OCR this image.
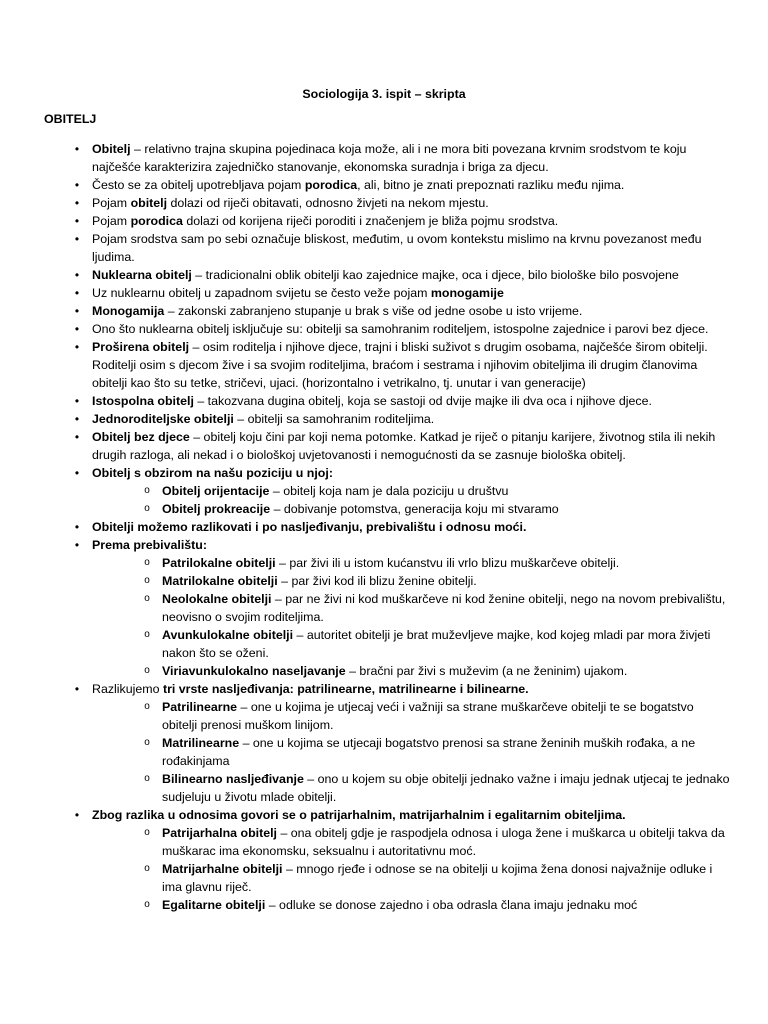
Sociologija 3. ispit – skripta
OBITELJ
•	Obitelj – relativno trajna skupina pojedinaca koja može, ali i ne mora biti povezana krvnim srodstvom te koju najčešće karakterizira zajedničko stanovanje, ekonomska suradnja i briga za djecu.
•	Često se za obitelj upotrebljava pojam porodica, ali, bitno je znati prepoznati razliku među njima.
•	Pojam obitelj dolazi od riječi obitavati, odnosno živjeti na nekom mjestu.
•	Pojam porodica dolazi od korijena riječi poroditi i značenjem je bliža pojmu srodstva.
•	Pojam srodstva sam po sebi označuje bliskost, međutim, u ovom kontekstu mislimo na krvnu povezanost među ljudima.
•	Nuklearna obitelj – tradicionalni oblik obitelji kao zajednice majke, oca i djece, bilo biološke bilo posvojene
•	Uz nuklearnu obitelj u zapadnom svijetu se često veže pojam monogamije
•	Monogamija – zakonski zabranjeno stupanje u brak s više od jedne osobe u isto vrijeme.
•	Ono što nuklearna obitelj isključuje su: obitelji sa samohranim roditeljem, istospolne zajednice i parovi bez djece.
•	Proširena obitelj – osim roditelja i njihove djece, trajni i bliski suživot s drugim osobama, najčešće širom obitelji. Roditelji osim s djecom žive i sa svojim roditeljima, braćom i sestrama i njihovim obiteljima ili drugim članovima obitelji kao što su tetke, stričevi, ujaci. (horizontalno i vetrikalno, tj. unutar i van generacije)
•	Istospolna obitelj – takozvana dugina obitelj, koja se sastoji od dvije majke ili dva oca i njihove djece.
•	Jednoroditeljske obitelji – obitelji sa samohranim roditeljima.
•	Obitelj bez djece – obitelj koju čini par koji nema potomke. Katkad je riječ o pitanju karijere, životnog stila ili nekih drugih razloga, ali nekad i o biološkoj uvjetovanosti i nemogućnosti da se zasnuje biološka obitelj.
•	Obitelj s obzirom na našu poziciju u njoj:
o Obitelj orijentacije – obitelj koja nam je dala poziciju u društvu
o Obitelj prokreacije – dobivanje potomstva, generacija koju mi stvaramo
•	Obitelji možemo razlikovati i po nasljeđivanju, prebivalištu i odnosu moći.
•	Prema prebivalištu:
o Patrilokalne obitelji – par živi ili u istom kućanstvu ili vrlo blizu muškarčeve obitelji.
o Matrilokalne obitelji – par živi kod ili blizu ženine obitelji.
o Neolokalne obitelji – par ne živi ni kod muškarčeve ni kod ženine obitelji, nego na novom prebivalištu, neovisno o svojim roditeljima.
o Avunkulokalne obitelji – autoritet obitelji je brat muževljeve majke, kod kojeg mladi par mora živjeti nakon što se oženi.
o Viriavunkulokalno naseljavanje – bračni par živi s muževim (a ne ženinim) ujakom.
•	Razlikujemo tri vrste nasljeđivanja: patrilinearne, matrilinearne i bilinearne.
o Patrilinearne – one u kojima je utjecaj veći i važniji sa strane muškarčeve obitelji te se bogatstvo obitelji prenosi muškom linijom.
o Matrilinearne – one u kojima se utjecaji bogatstvo prenosi sa strane ženinih muških rođaka, a ne rođakinjama
o Bilinearno nasljeđivanje – ono u kojem su obje obitelji jednako važne i imaju jednak utjecaj te jednako sudjeluju u životu mlade obitelji.
•	Zbog razlika u odnosima govori se o patrijarhalnim, matrijarhalnim i egalitarnim obiteljima.
o Patrijarhalna obitelj – ona obitelj gdje je raspodjela odnosa i uloga žene i muškarca u obitelji takva da muškarac ima ekonomsku, seksualnu i autoritativnu moć.
o Matrijarhalne obitelji – mnogo rjeđe i odnose se na obitelji u kojima žena donosi najvažnije odluke i ima glavnu riječ.
o Egalitarne obitelji – odluke se donose zajedno i oba odrasla člana imaju jednaku moć
